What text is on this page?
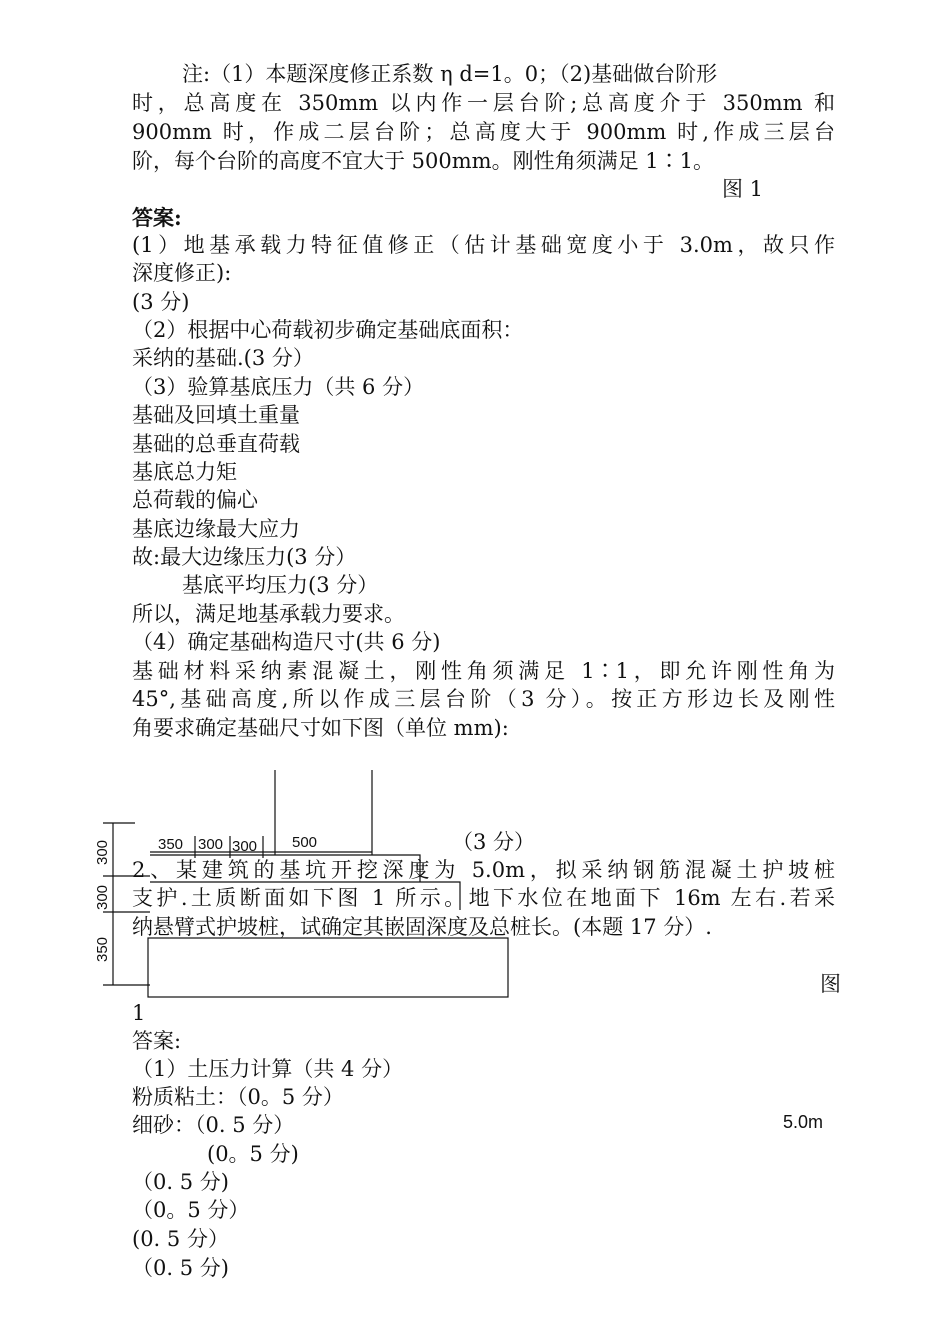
注:（1）本题深度修正系数 η d=1。0；（2)基础做台阶形
时，总高度在 350mm 以内作一层台阶;总高度介于 350mm 和
900mm 时，作成二层台阶；总高度大于 900mm 时,作成三层台
阶，每个台阶的高度不宜大于 500mm。刚性角须满足 1∶1。
图 1
答案:
(1）地基承载力特征值修正（估计基础宽度小于 3.0m，故只作
深度修正):
(3 分)
（2）根据中心荷载初步确定基础底面积：
采纳的基础.(3 分）
（3）验算基底压力（共 6 分）
基础及回填土重量
基础的总垂直荷载
基底总力矩
总荷载的偏心
基底边缘最大应力
故:最大边缘压力(3 分）
基底平均压力(3 分）
所以，满足地基承载力要求。
（4）确定基础构造尺寸(共 6 分)
基础材料采纳素混凝土，刚性角须满足 1∶1，即允许刚性角为
45°,基础高度,所以作成三层台阶（3 分）。按正方形边长及刚性
角要求确定基础尺寸如下图（单位 mm):
350 300 300 500
300
300
350
（3 分）
2、某建筑的基坑开挖深度为 5.0m，拟采纳钢筋混凝土护坡桩
支护.土质断面如下图 1 所示。地下水位在地面下 16m 左右.若采
纳悬臂式护坡桩，试确定其嵌固深度及总桩长。(本题 17 分）.
图
1
答案:
（1）土压力计算（共 4 分）
粉质粘土：（0。5 分）
细砂：（0. 5 分）	5.0m
(0。5 分)
（0. 5 分)
（0。5 分）
(0. 5 分）
（0. 5 分)
